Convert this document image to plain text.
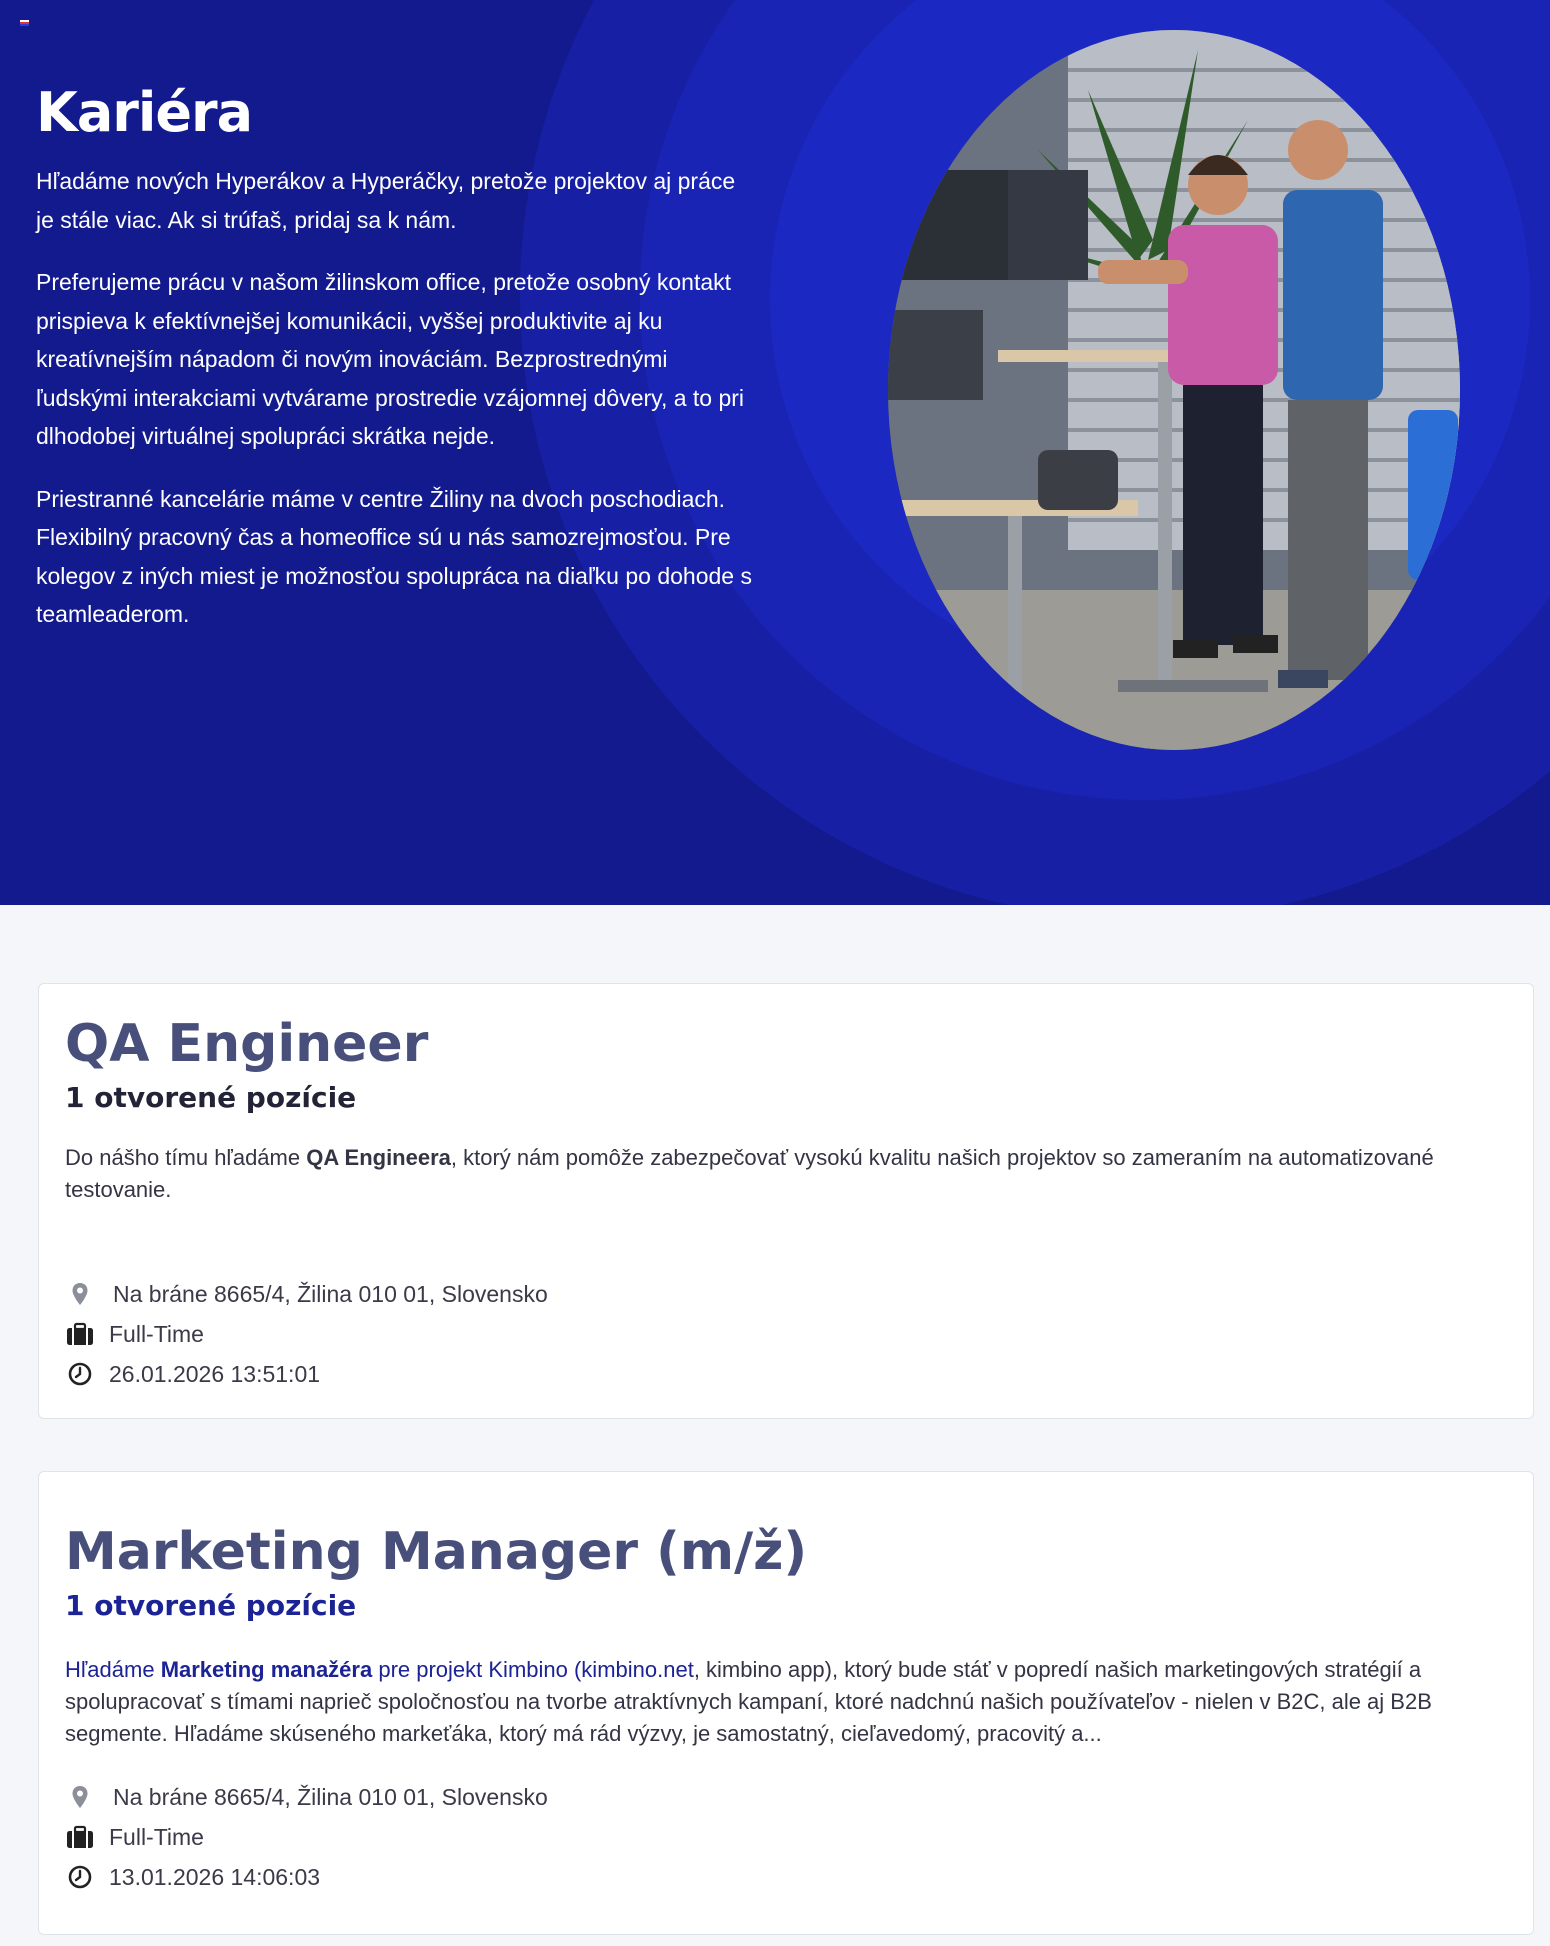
Kariéra

Hľadáme nových Hyperákov a Hyperáčky, pretože projektov aj práce je stále viac. Ak si trúfaš, pridaj sa k nám.

Preferujeme prácu v našom žilinskom office, pretože osobný kontakt prispieva k efektívnejšej komunikácii, vyššej produktivite aj ku kreatívnejším nápadom či novým inováciám. Bezprostrednými ľudskými interakciami vytvárame prostredie vzájomnej dôvery, a to pri dlhodobej virtuálnej spolupráci skrátka nejde.

Priestranné kancelárie máme v centre Žiliny na dvoch poschodiach. Flexibilný pracovný čas a homeoffice sú u nás samozrejmosťou. Pre kolegov z iných miest je možnosťou spolupráca na diaľku po dohode s teamleaderom.

QA Engineer
1 otvorené pozície

Do nášho tímu hľadáme QA Engineera, ktorý nám pomôže zabezpečovať vysokú kvalitu našich projektov so zameraním na automatizované testovanie.

Na bráne 8665/4, Žilina 010 01, Slovensko
Full-Time
26.01.2026 13:51:01
Marketing Manager (m/ž)
1 otvorené pozície

Hľadáme Marketing manažéra pre projekt Kimbino (kimbino.net, kimbino app), ktorý bude stáť v popredí našich marketingových stratégií a spolupracovať s tímami naprieč spoločnosťou na tvorbe atraktívnych kampaní, ktoré nadchnú našich používateľov - nielen v B2C, ale aj B2B segmente. Hľadáme skúseného markeťáka, ktorý má rád výzvy, je samostatný, cieľavedomý, pracovitý a...

Na bráne 8665/4, Žilina 010 01, Slovensko
Full-Time
13.01.2026 14:06:03
